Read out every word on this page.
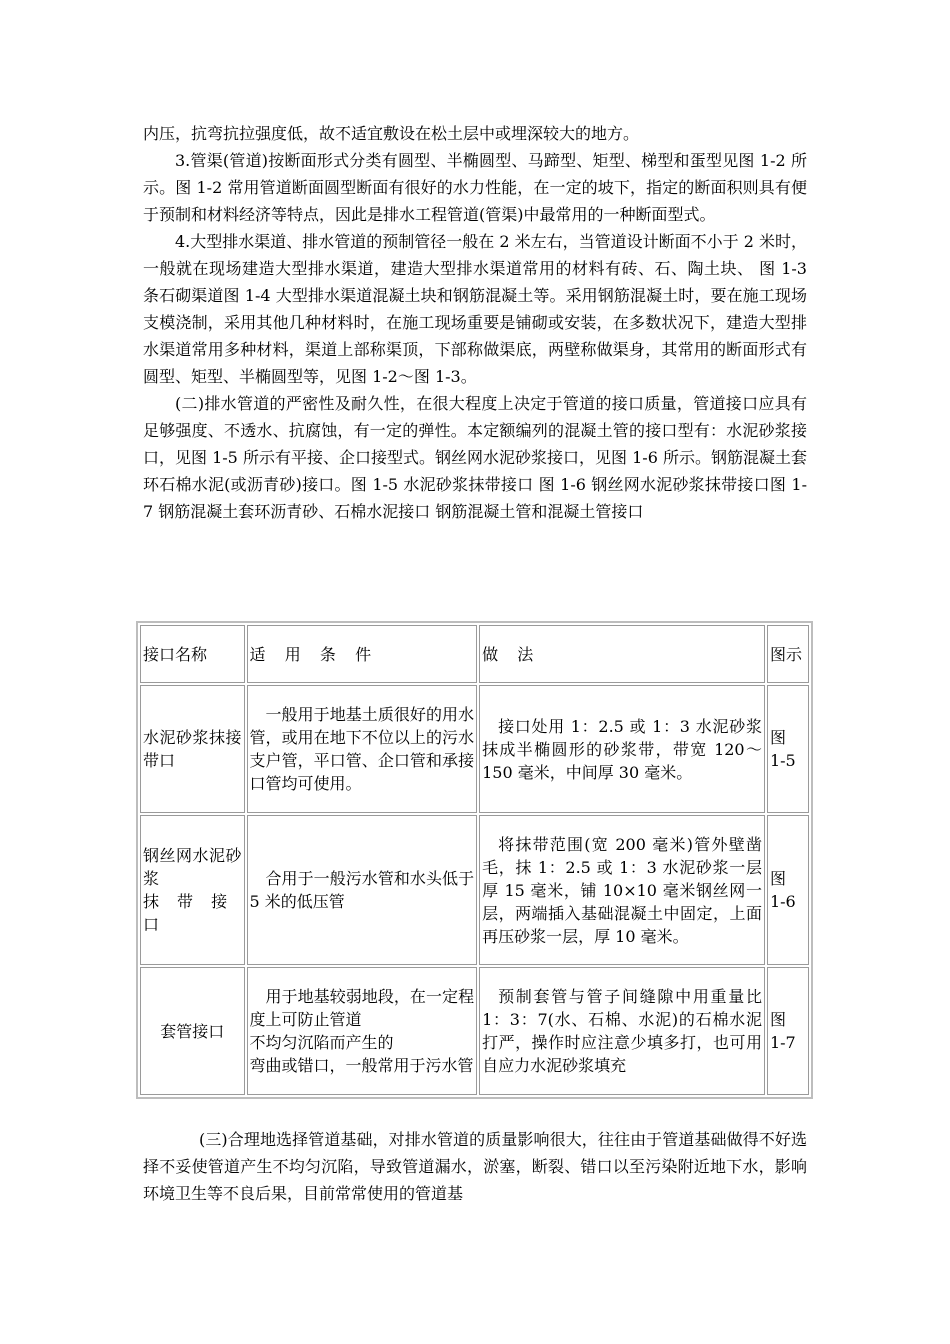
内压，抗弯抗拉强度低，故不适宜敷设在松土层中或埋深较大的地方。

3.管渠(管道)按断面形式分类有圆型、半椭圆型、马蹄型、矩型、梯型和蛋型见图 1-2 所示。图 1-2 常用管道断面圆型断面有很好的水力性能，在一定的坡下，指定的断面积则具有便于预制和材料经济等特点，因此是排水工程管道(管渠)中最常用的一种断面型式。

4.大型排水渠道、排水管道的预制管径一般在 2 米左右，当管道设计断面不小于 2 米时，一般就在现场建造大型排水渠道，建造大型排水渠道常用的材料有砖、石、陶土块、 图 1-3 条石砌渠道图 1-4 大型排水渠道混凝土块和钢筋混凝土等。采用钢筋混凝土时，要在施工现场支模浇制，采用其他几种材料时，在施工现场重要是铺砌或安装，在多数状况下，建造大型排水渠道常用多种材料，渠道上部称渠顶，下部称做渠底，两壁称做渠身，其常用的断面形式有圆型、矩型、半椭圆型等，见图 1-2～图 1-3。

(二)排水管道的严密性及耐久性，在很大程度上决定于管道的接口质量，管道接口应具有足够强度、不透水、抗腐蚀，有一定的弹性。本定额编列的混凝土管的接口型有：水泥砂浆接口，见图 1-5 所示有平接、企口接型式。钢丝网水泥砂浆接口，见图 1-6 所示。钢筋混凝土套环石棉水泥(或沥青砂)接口。图 1-5 水泥砂浆抹带接口 图 1-6 钢丝网水泥砂浆抹带接口图 1-7 钢筋混凝土套环沥青砂、石棉水泥接口 钢筋混凝土管和混凝土管接口

接口名称	适用条件	做法	图示
水泥砂浆抹接带口	一般用于地基土质很好的用水管，或用在地下不位以上的污水支户管，平口管、企口管和承接口管均可使用。	接口处用 1：2.5 或 1：3 水泥砂浆抹成半椭圆形的砂浆带，带宽 120～150 毫米，中间厚 30 毫米。	图 1-5

钢丝网水泥砂浆
抹带接口	合用于一般污水管和水头低于 5 米的低压管	将抹带范围(宽 200 毫米)管外壁凿毛，抹 1：2.5 或 1：3 水泥砂浆一层厚 15 毫米，铺 10×10 毫米钢丝网一层，两端插入基础混凝土中固定，上面再压砂浆一层，厚 10 毫米。	图 1-6
套管接口	用于地基较弱地段，在一定程度上可防止管道
不均匀沉陷而产生的
弯曲或错口，一般常用于污水管	预制套管与管子间缝隙中用重量比 1：3：7(水、石棉、水泥)的石棉水泥打严，操作时应注意少填多打，也可用自应力水泥砂浆填充	图 1-7

(三)合理地选择管道基础，对排水管道的质量影响很大，往往由于管道基础做得不好选择不妥使管道产生不均匀沉陷，导致管道漏水，淤塞，断裂、错口以至污染附近地下水，影响环境卫生等不良后果，目前常常使用的管道基
